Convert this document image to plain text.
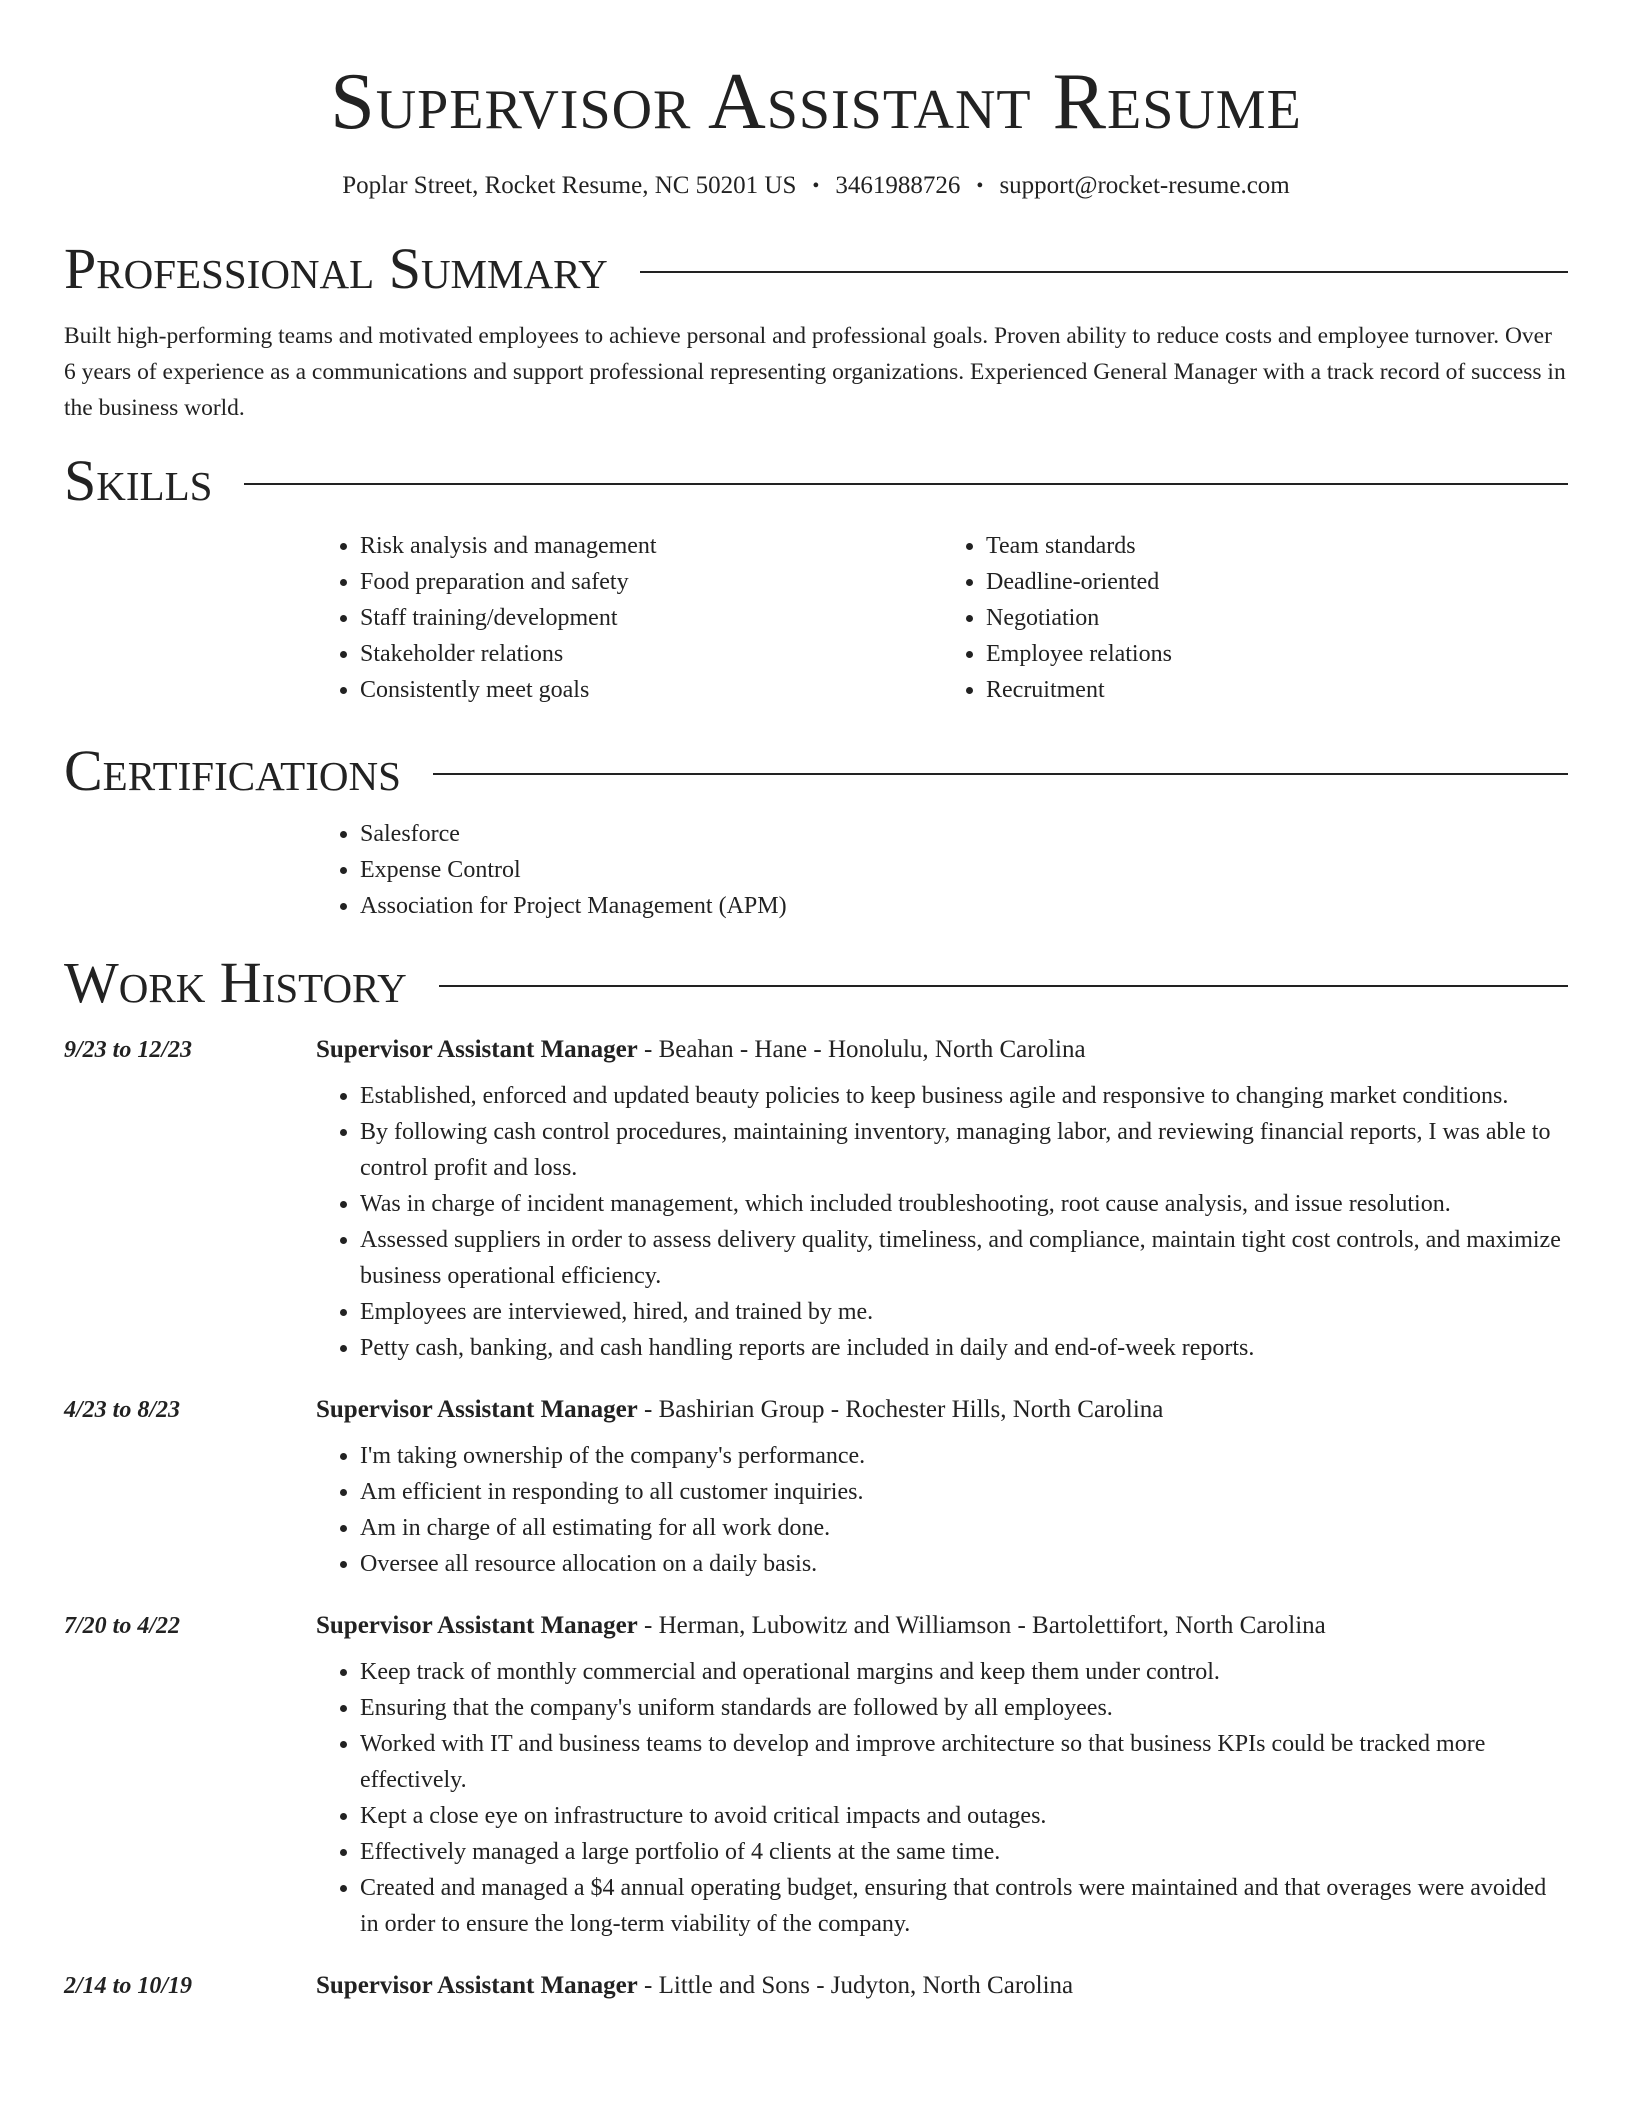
Supervisor Assistant Resume
Poplar Street, Rocket Resume, NC 50201 US • 3461988726 • support@rocket-resume.com
Professional Summary

Built high-performing teams and motivated employees to achieve personal and professional goals. Proven ability to reduce costs and employee turnover. Over 6 years of experience as a communications and support professional representing organizations. Experienced General Manager with a track record of success in the business world.

Skills
• Risk analysis and management
• Food preparation and safety
• Staff training/development
• Stakeholder relations
• Consistently meet goals
• Team standards
• Deadline-oriented
• Negotiation
• Employee relations
• Recruitment
Certifications
• Salesforce
• Expense Control
• Association for Project Management (APM)
Work History
9/23 to 12/23	Supervisor Assistant Manager - Beahan - Hane - Honolulu, North Carolina
• Established, enforced and updated beauty policies to keep business agile and responsive to changing market conditions.
• By following cash control procedures, maintaining inventory, managing labor, and reviewing financial reports, I was able to control profit and loss.
• Was in charge of incident management, which included troubleshooting, root cause analysis, and issue resolution.
• Assessed suppliers in order to assess delivery quality, timeliness, and compliance, maintain tight cost controls, and maximize business operational efficiency.
• Employees are interviewed, hired, and trained by me.
• Petty cash, banking, and cash handling reports are included in daily and end-of-week reports.
4/23 to 8/23	Supervisor Assistant Manager - Bashirian Group - Rochester Hills, North Carolina
• I'm taking ownership of the company's performance.
• Am efficient in responding to all customer inquiries.
• Am in charge of all estimating for all work done.
• Oversee all resource allocation on a daily basis.
7/20 to 4/22	Supervisor Assistant Manager - Herman, Lubowitz and Williamson - Bartolettifort, North Carolina
• Keep track of monthly commercial and operational margins and keep them under control.
• Ensuring that the company's uniform standards are followed by all employees.
• Worked with IT and business teams to develop and improve architecture so that business KPIs could be tracked more effectively.
• Kept a close eye on infrastructure to avoid critical impacts and outages.
• Effectively managed a large portfolio of 4 clients at the same time.
• Created and managed a $4 annual operating budget, ensuring that controls were maintained and that overages were avoided in order to ensure the long-term viability of the company.
2/14 to 10/19	Supervisor Assistant Manager - Little and Sons - Judyton, North Carolina
